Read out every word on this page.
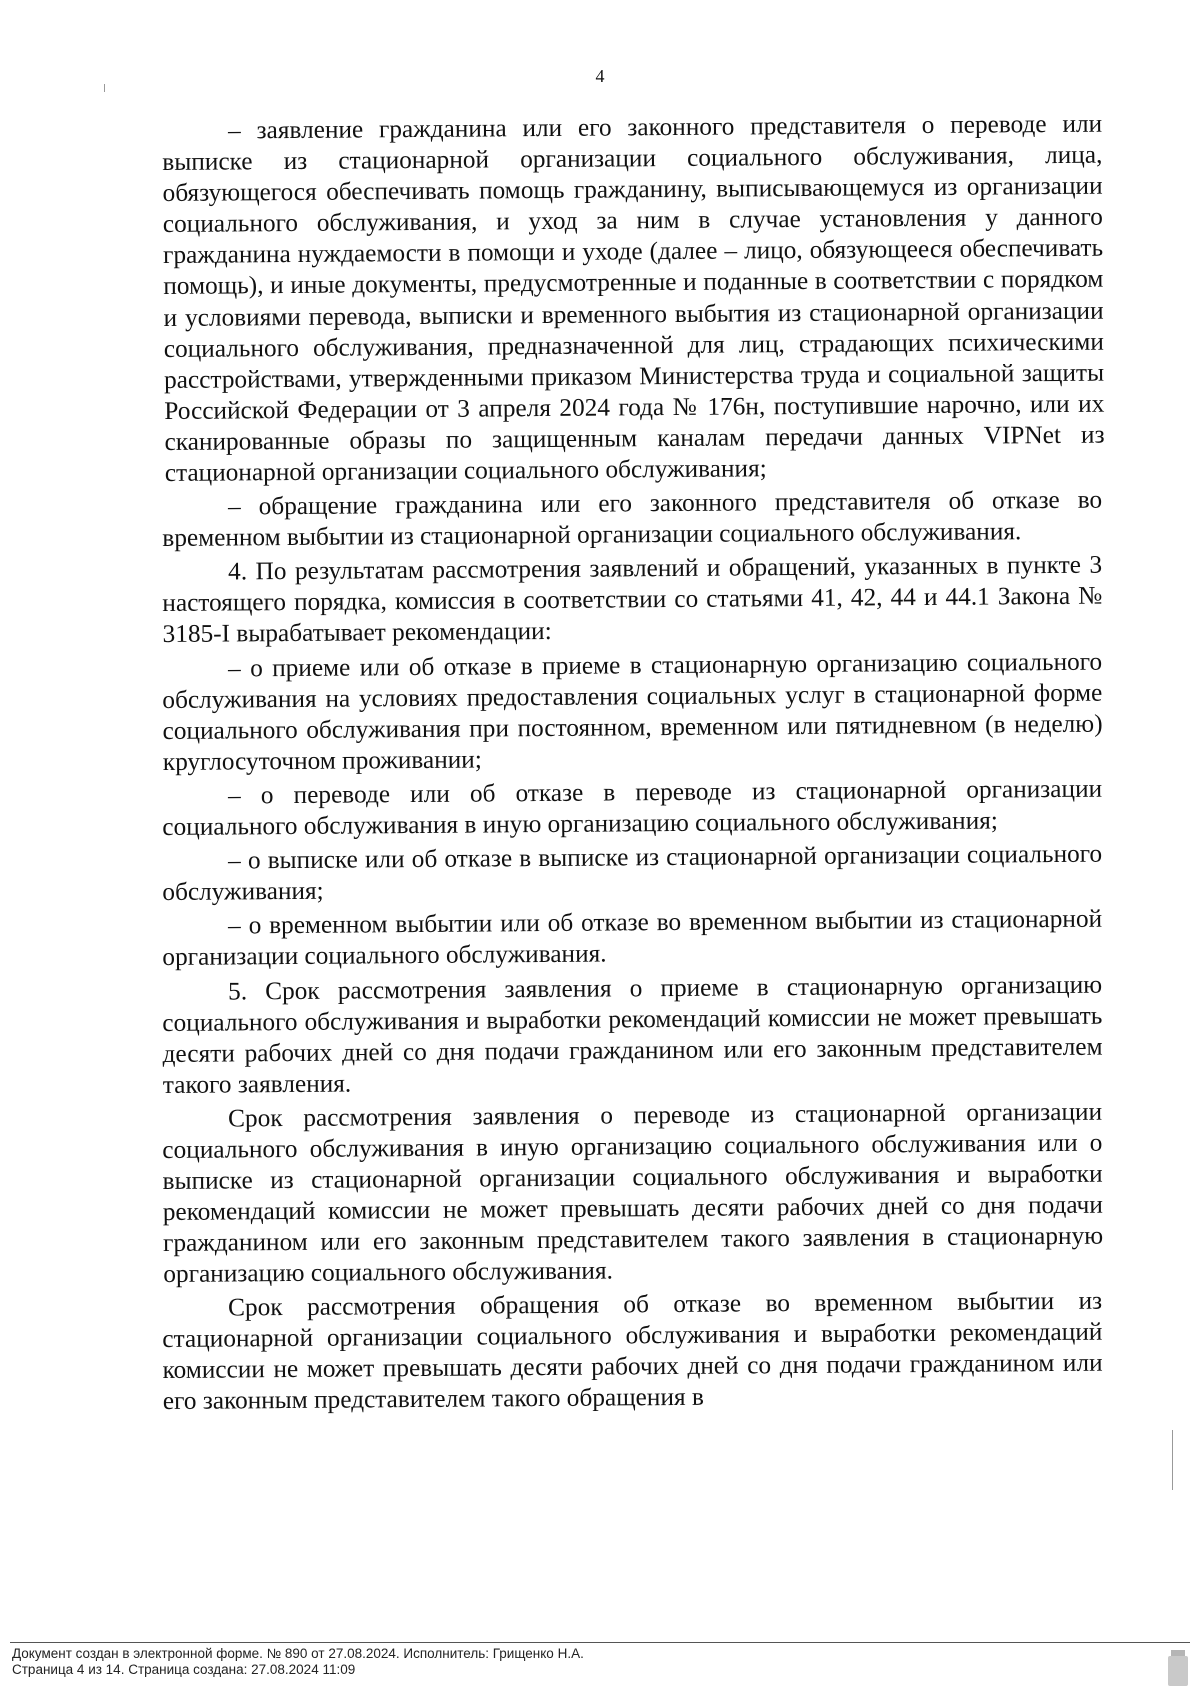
4

– заявление гражданина или его законного представителя о переводе или выписке из стационарной организации социального обслуживания, лица, обязующегося обеспечивать помощь гражданину, выписывающемуся из организации социального обслуживания, и уход за ним в случае установления у данного гражданина нуждаемости в помощи и уходе (далее – лицо, обязующееся обеспечивать помощь), и иные документы, предусмотренные и поданные в соответствии с порядком и условиями перевода, выписки и временного выбытия из стационарной организации социального обслуживания, предназначенной для лиц, страдающих психическими расстройствами, утвержденными приказом Министерства труда и социальной защиты Российской Федерации от 3 апреля 2024 года № 176н, поступившие нарочно, или их сканированные образы по защищенным каналам передачи данных VIPNet из стационарной организации социального обслуживания;

– обращение гражданина или его законного представителя об отказе во временном выбытии из стационарной организации социального обслуживания.

4. По результатам рассмотрения заявлений и обращений, указанных в пункте 3 настоящего порядка, комиссия в соответствии со статьями 41, 42, 44 и 44.1 Закона № 3185-I вырабатывает рекомендации:

– о приеме или об отказе в приеме в стационарную организацию социального обслуживания на условиях предоставления социальных услуг в стационарной форме социального обслуживания при постоянном, временном или пятидневном (в неделю) круглосуточном проживании;

– о переводе или об отказе в переводе из стационарной организации социального обслуживания в иную организацию социального обслуживания;

– о выписке или об отказе в выписке из стационарной организации социального обслуживания;

– о временном выбытии или об отказе во временном выбытии из стационарной организации социального обслуживания.

5. Срок рассмотрения заявления о приеме в стационарную организацию социального обслуживания и выработки рекомендаций комиссии не может превышать десяти рабочих дней со дня подачи гражданином или его законным представителем такого заявления.

Срок рассмотрения заявления о переводе из стационарной организации социального обслуживания в иную организацию социального обслуживания или о выписке из стационарной организации социального обслуживания и выработки рекомендаций комиссии не может превышать десяти рабочих дней со дня подачи гражданином или его законным представителем такого заявления в стационарную организацию социального обслуживания.

Срок рассмотрения обращения об отказе во временном выбытии из стационарной организации социального обслуживания и выработки рекомендаций комиссии не может превышать десяти рабочих дней со дня подачи гражданином или его законным представителем такого обращения в

Документ создан в электронной форме. № 890 от 27.08.2024. Исполнитель: Грищенко Н.А.
Страница 4 из 14. Страница создана: 27.08.2024 11:09
